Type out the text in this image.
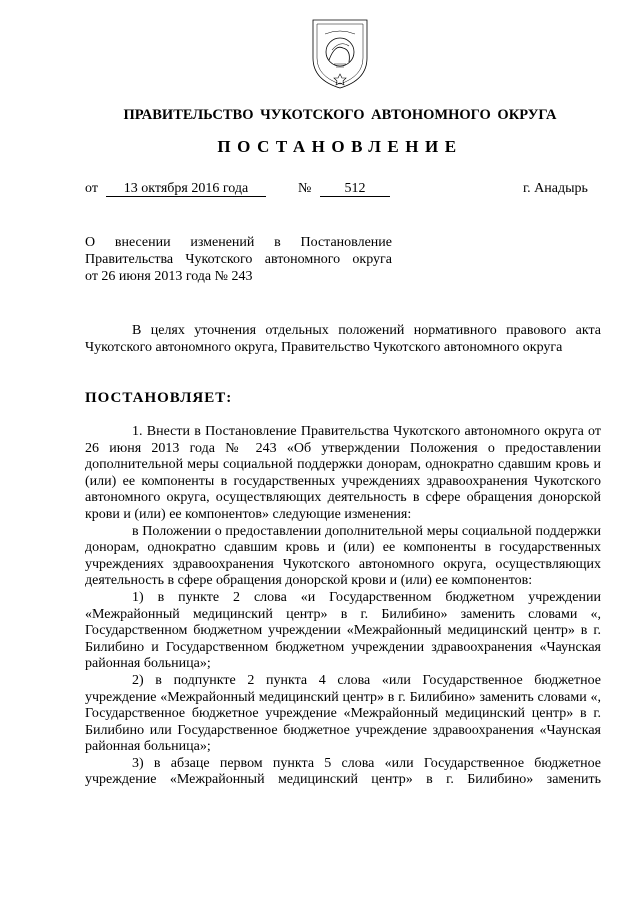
ПРАВИТЕЛЬСТВО ЧУКОТСКОГО АВТОНОМНОГО ОКРУГА
ПОСТАНОВЛЕНИЕ
от	13 октября 2016 года	№	512	г. Анадырь
О внесении изменений в Постановление
Правительства Чукотского автономного округа
от 26 июня 2013 года № 243

В целях уточнения отдельных положений нормативного правового акта Чукотского автономного округа, Правительство Чукотского автономного округа

ПОСТАНОВЛЯЕТ:

1. Внести в Постановление Правительства Чукотского автономного округа от 26 июня 2013 года № 243 «Об утверждении Положения о предоставлении дополнительной меры социальной поддержки донорам, однократно сдавшим кровь и (или) ее компоненты в государственных учреждениях здравоохранения Чукотского автономного округа, осуществляющих деятельность в сфере обращения донорской крови и (или) ее компонентов» следующие изменения:

в Положении о предоставлении дополнительной меры социальной поддержки донорам, однократно сдавшим кровь и (или) ее компоненты в государственных учреждениях здравоохранения Чукотского автономного округа, осуществляющих деятельность в сфере обращения донорской крови и (или) ее компонентов:

1) в пункте 2 слова «и Государственном бюджетном учреждении «Межрайонный медицинский центр» в г. Билибино» заменить словами «, Государственном бюджетном учреждении «Межрайонный медицинский центр» в г. Билибино и Государственном бюджетном учреждении здравоохранения «Чаунская районная больница»;

2) в подпункте 2 пункта 4 слова «или Государственное бюджетное учреждение «Межрайонный медицинский центр» в г. Билибино» заменить словами «, Государственное бюджетное учреждение «Межрайонный медицинский центр» в г. Билибино или Государственное бюджетное учреждение здравоохранения «Чаунская районная больница»;

3) в абзаце первом пункта 5 слова «или Государственное бюджетное учреждение «Межрайонный медицинский центр» в г. Билибино» заменить
